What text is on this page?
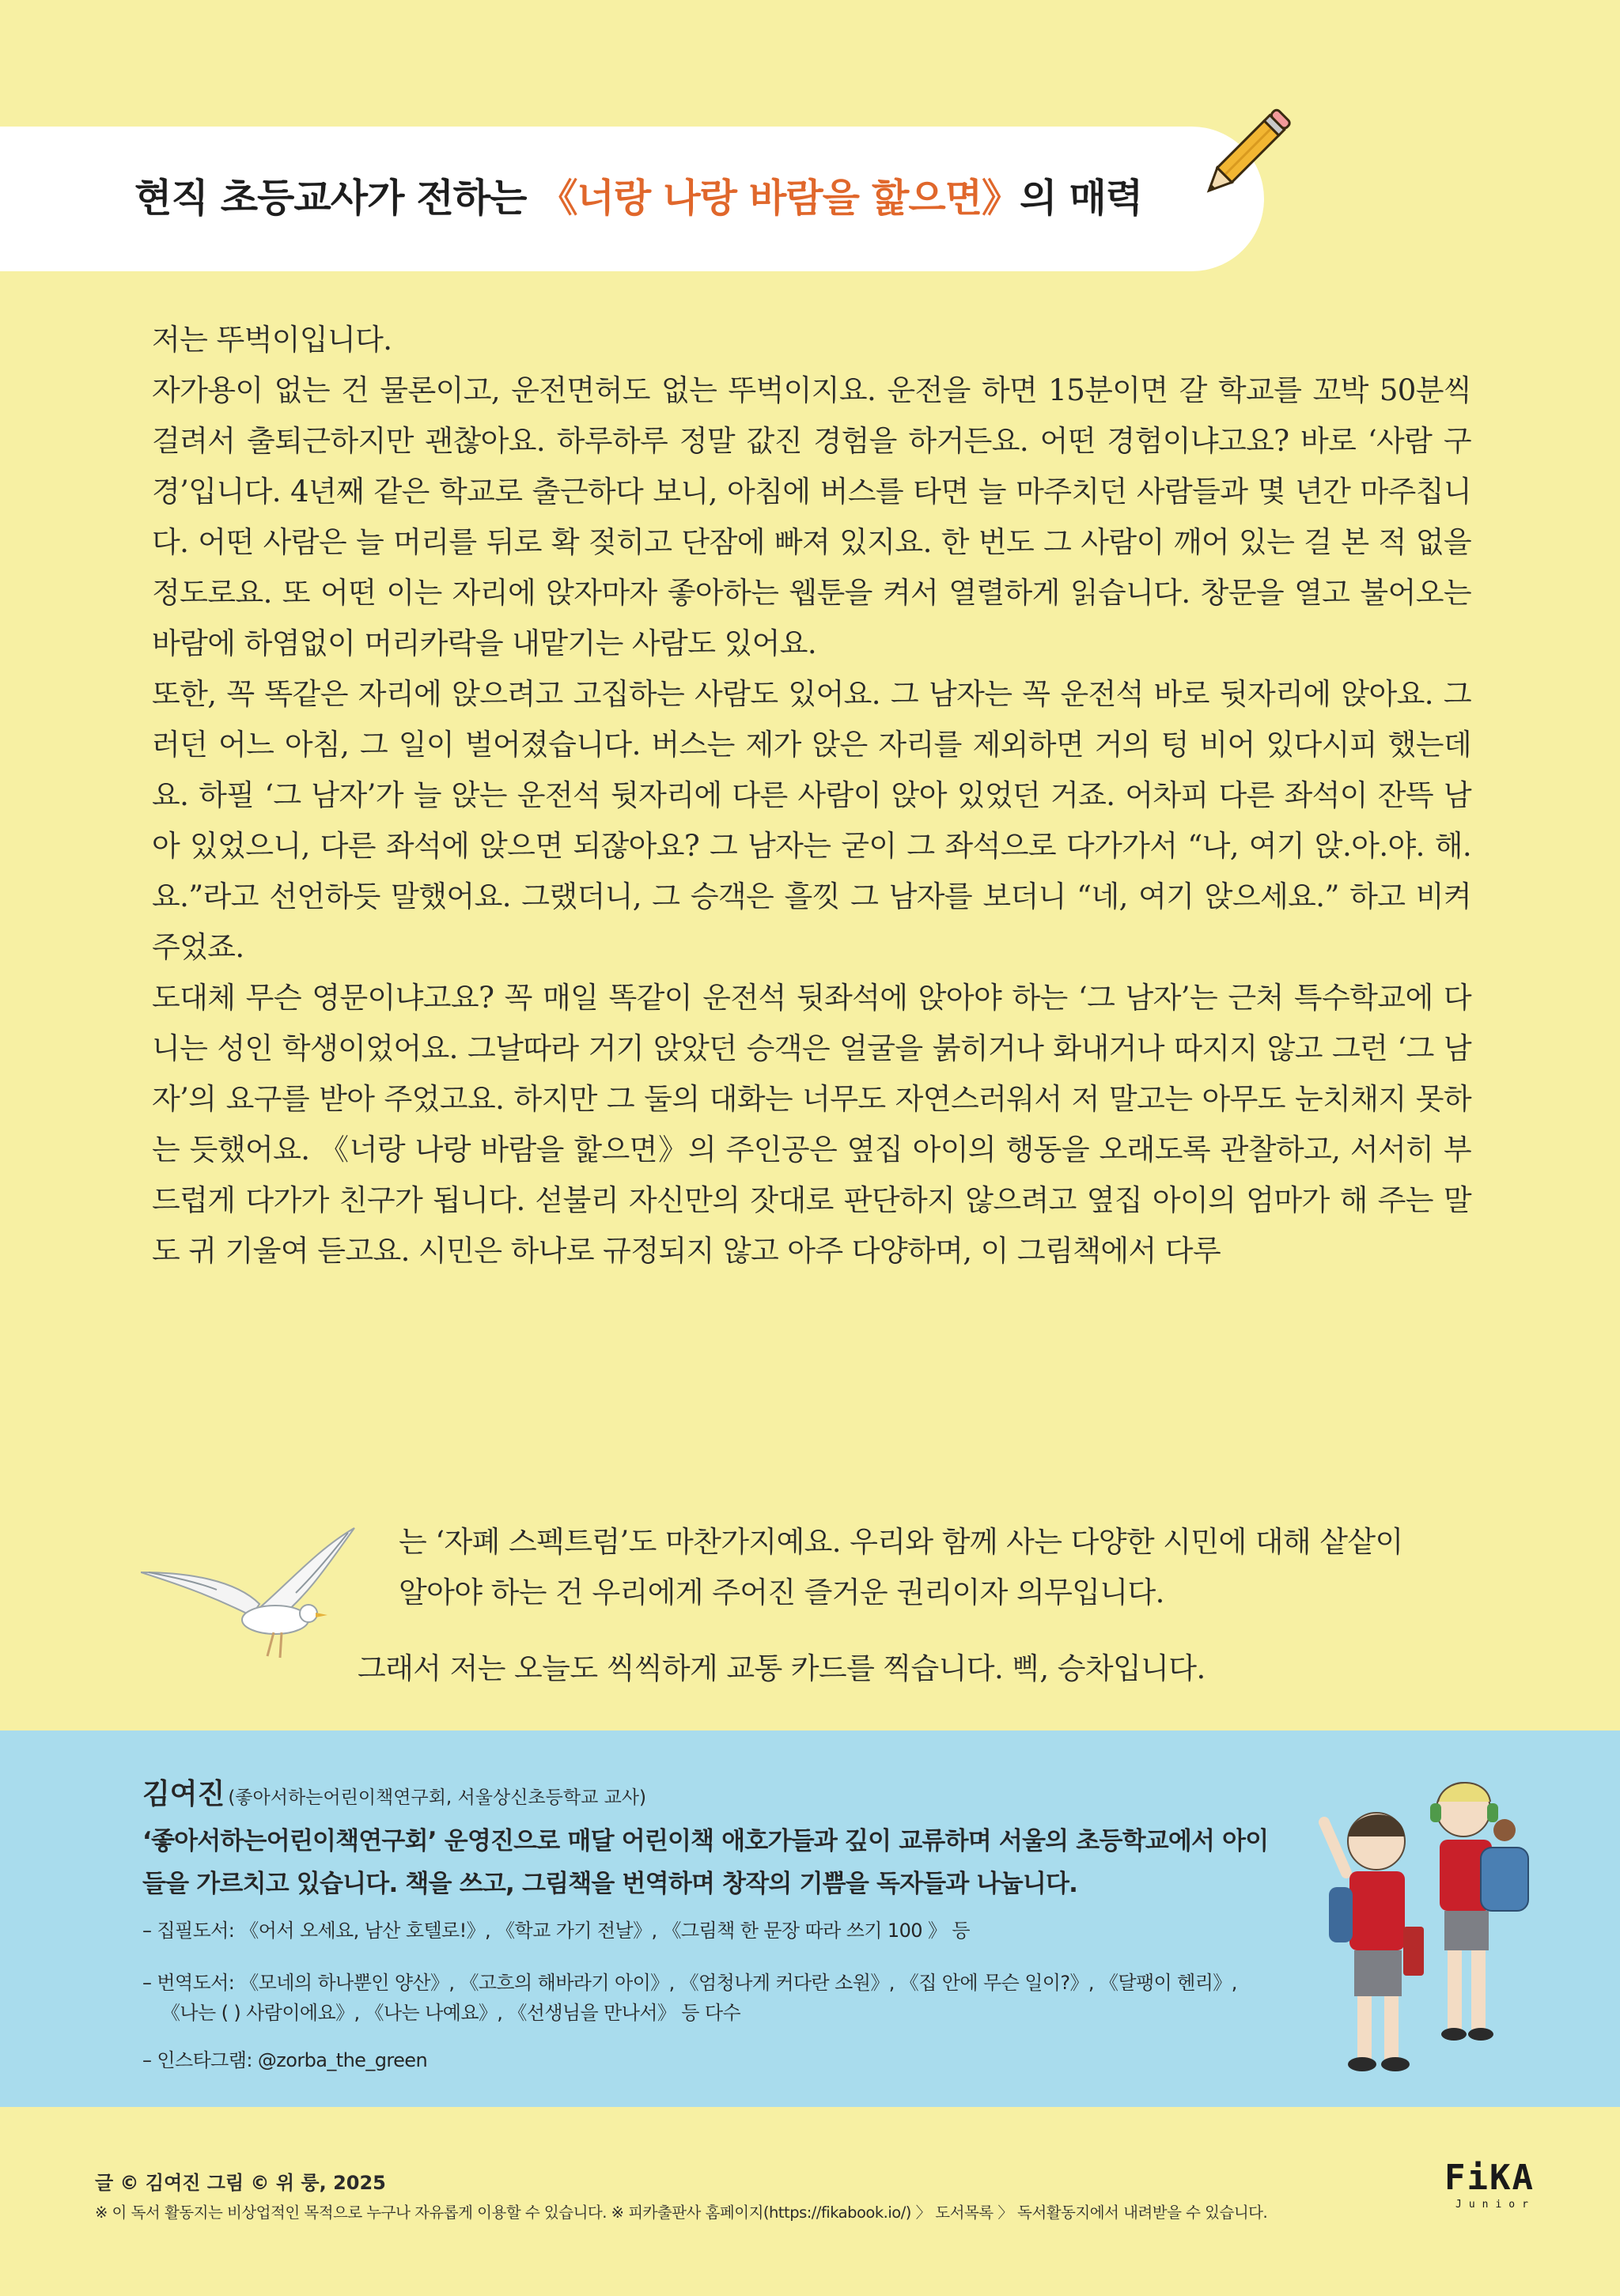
현직 초등교사가 전하는 《너랑 나랑 바람을 핥으면》의 매력

저는 뚜벅이입니다.

자가용이 없는 건 물론이고, 운전면허도 없는 뚜벅이지요. 운전을 하면 15분이면 갈 학교를 꼬박 50분씩 걸려서 출퇴근하지만 괜찮아요. 하루하루 정말 값진 경험을 하거든요. 어떤 경험이냐고요? 바로 ‘사람 구경’입니다. 4년째 같은 학교로 출근하다 보니, 아침에 버스를 타면 늘 마주치던 사람들과 몇 년간 마주칩니다. 어떤 사람은 늘 머리를 뒤로 확 젖히고 단잠에 빠져 있지요. 한 번도 그 사람이 깨어 있는 걸 본 적 없을 정도로요. 또 어떤 이는 자리에 앉자마자 좋아하는 웹툰을 켜서 열렬하게 읽습니다. 창문을 열고 불어오는 바람에 하염없이 머리카락을 내맡기는 사람도 있어요.

또한, 꼭 똑같은 자리에 앉으려고 고집하는 사람도 있어요. 그 남자는 꼭 운전석 바로 뒷자리에 앉아요. 그러던 어느 아침, 그 일이 벌어졌습니다. 버스는 제가 앉은 자리를 제외하면 거의 텅 비어 있다시피 했는데요. 하필 ‘그 남자’가 늘 앉는 운전석 뒷자리에 다른 사람이 앉아 있었던 거죠. 어차피 다른 좌석이 잔뜩 남아 있었으니, 다른 좌석에 앉으면 되잖아요? 그 남자는 굳이 그 좌석으로 다가가서 “나, 여기 앉.아.야. 해.요.”라고 선언하듯 말했어요. 그랬더니, 그 승객은 흘낏 그 남자를 보더니 “네, 여기 앉으세요.” 하고 비켜 주었죠.

도대체 무슨 영문이냐고요? 꼭 매일 똑같이 운전석 뒷좌석에 앉아야 하는 ‘그 남자’는 근처 특수학교에 다니는 성인 학생이었어요. 그날따라 거기 앉았던 승객은 얼굴을 붉히거나 화내거나 따지지 않고 그런 ‘그 남자’의 요구를 받아 주었고요. 하지만 그 둘의 대화는 너무도 자연스러워서 저 말고는 아무도 눈치채지 못하는 듯했어요. 《너랑 나랑 바람을 핥으면》의 주인공은 옆집 아이의 행동을 오래도록 관찰하고, 서서히 부드럽게 다가가 친구가 됩니다. 섣불리 자신만의 잣대로 판단하지 않으려고 옆집 아이의 엄마가 해 주는 말도 귀 기울여 듣고요. 시민은 하나로 규정되지 않고 아주 다양하며, 이 그림책에서 다루

는 ‘자폐 스펙트럼’도 마찬가지예요. 우리와 함께 사는 다양한 시민에 대해 샅샅이

알아야 하는 건 우리에게 주어진 즐거운 권리이자 의무입니다.

그래서 저는 오늘도 씩씩하게 교통 카드를 찍습니다. 삑, 승차입니다.

김여진 (좋아서하는어린이책연구회, 서울상신초등학교 교사)
‘좋아서하는어린이책연구회’ 운영진으로 매달 어린이책 애호가들과 깊이 교류하며 서울의 초등학교에서 아이들을 가르치고 있습니다. 책을 쓰고, 그림책을 번역하며 창작의 기쁨을 독자들과 나눕니다.
– 집필도서: 《어서 오세요, 남산 호텔로!》, 《학교 가기 전날》, 《그림책 한 문장 따라 쓰기 100 》 등
– 번역도서: 《모네의 하나뿐인 양산》, 《고흐의 해바라기 아이》, 《엄청나게 커다란 소원》, 《집 안에 무슨 일이?》, 《달팽이 헨리》,
《나는 ( ) 사람이에요》, 《나는 나예요》, 《선생님을 만나서》 등 다수
– 인스타그램: @zorba_the_green
글 © 김여진 그림 © 위 룽, 2025
※ 이 독서 활동지는 비상업적인 목적으로 누구나 자유롭게 이용할 수 있습니다. ※ 피카출판사 홈페이지(https://fikabook.io/) 〉 도서목록 〉 독서활동지에서 내려받을 수 있습니다.
FiKA
Junior
